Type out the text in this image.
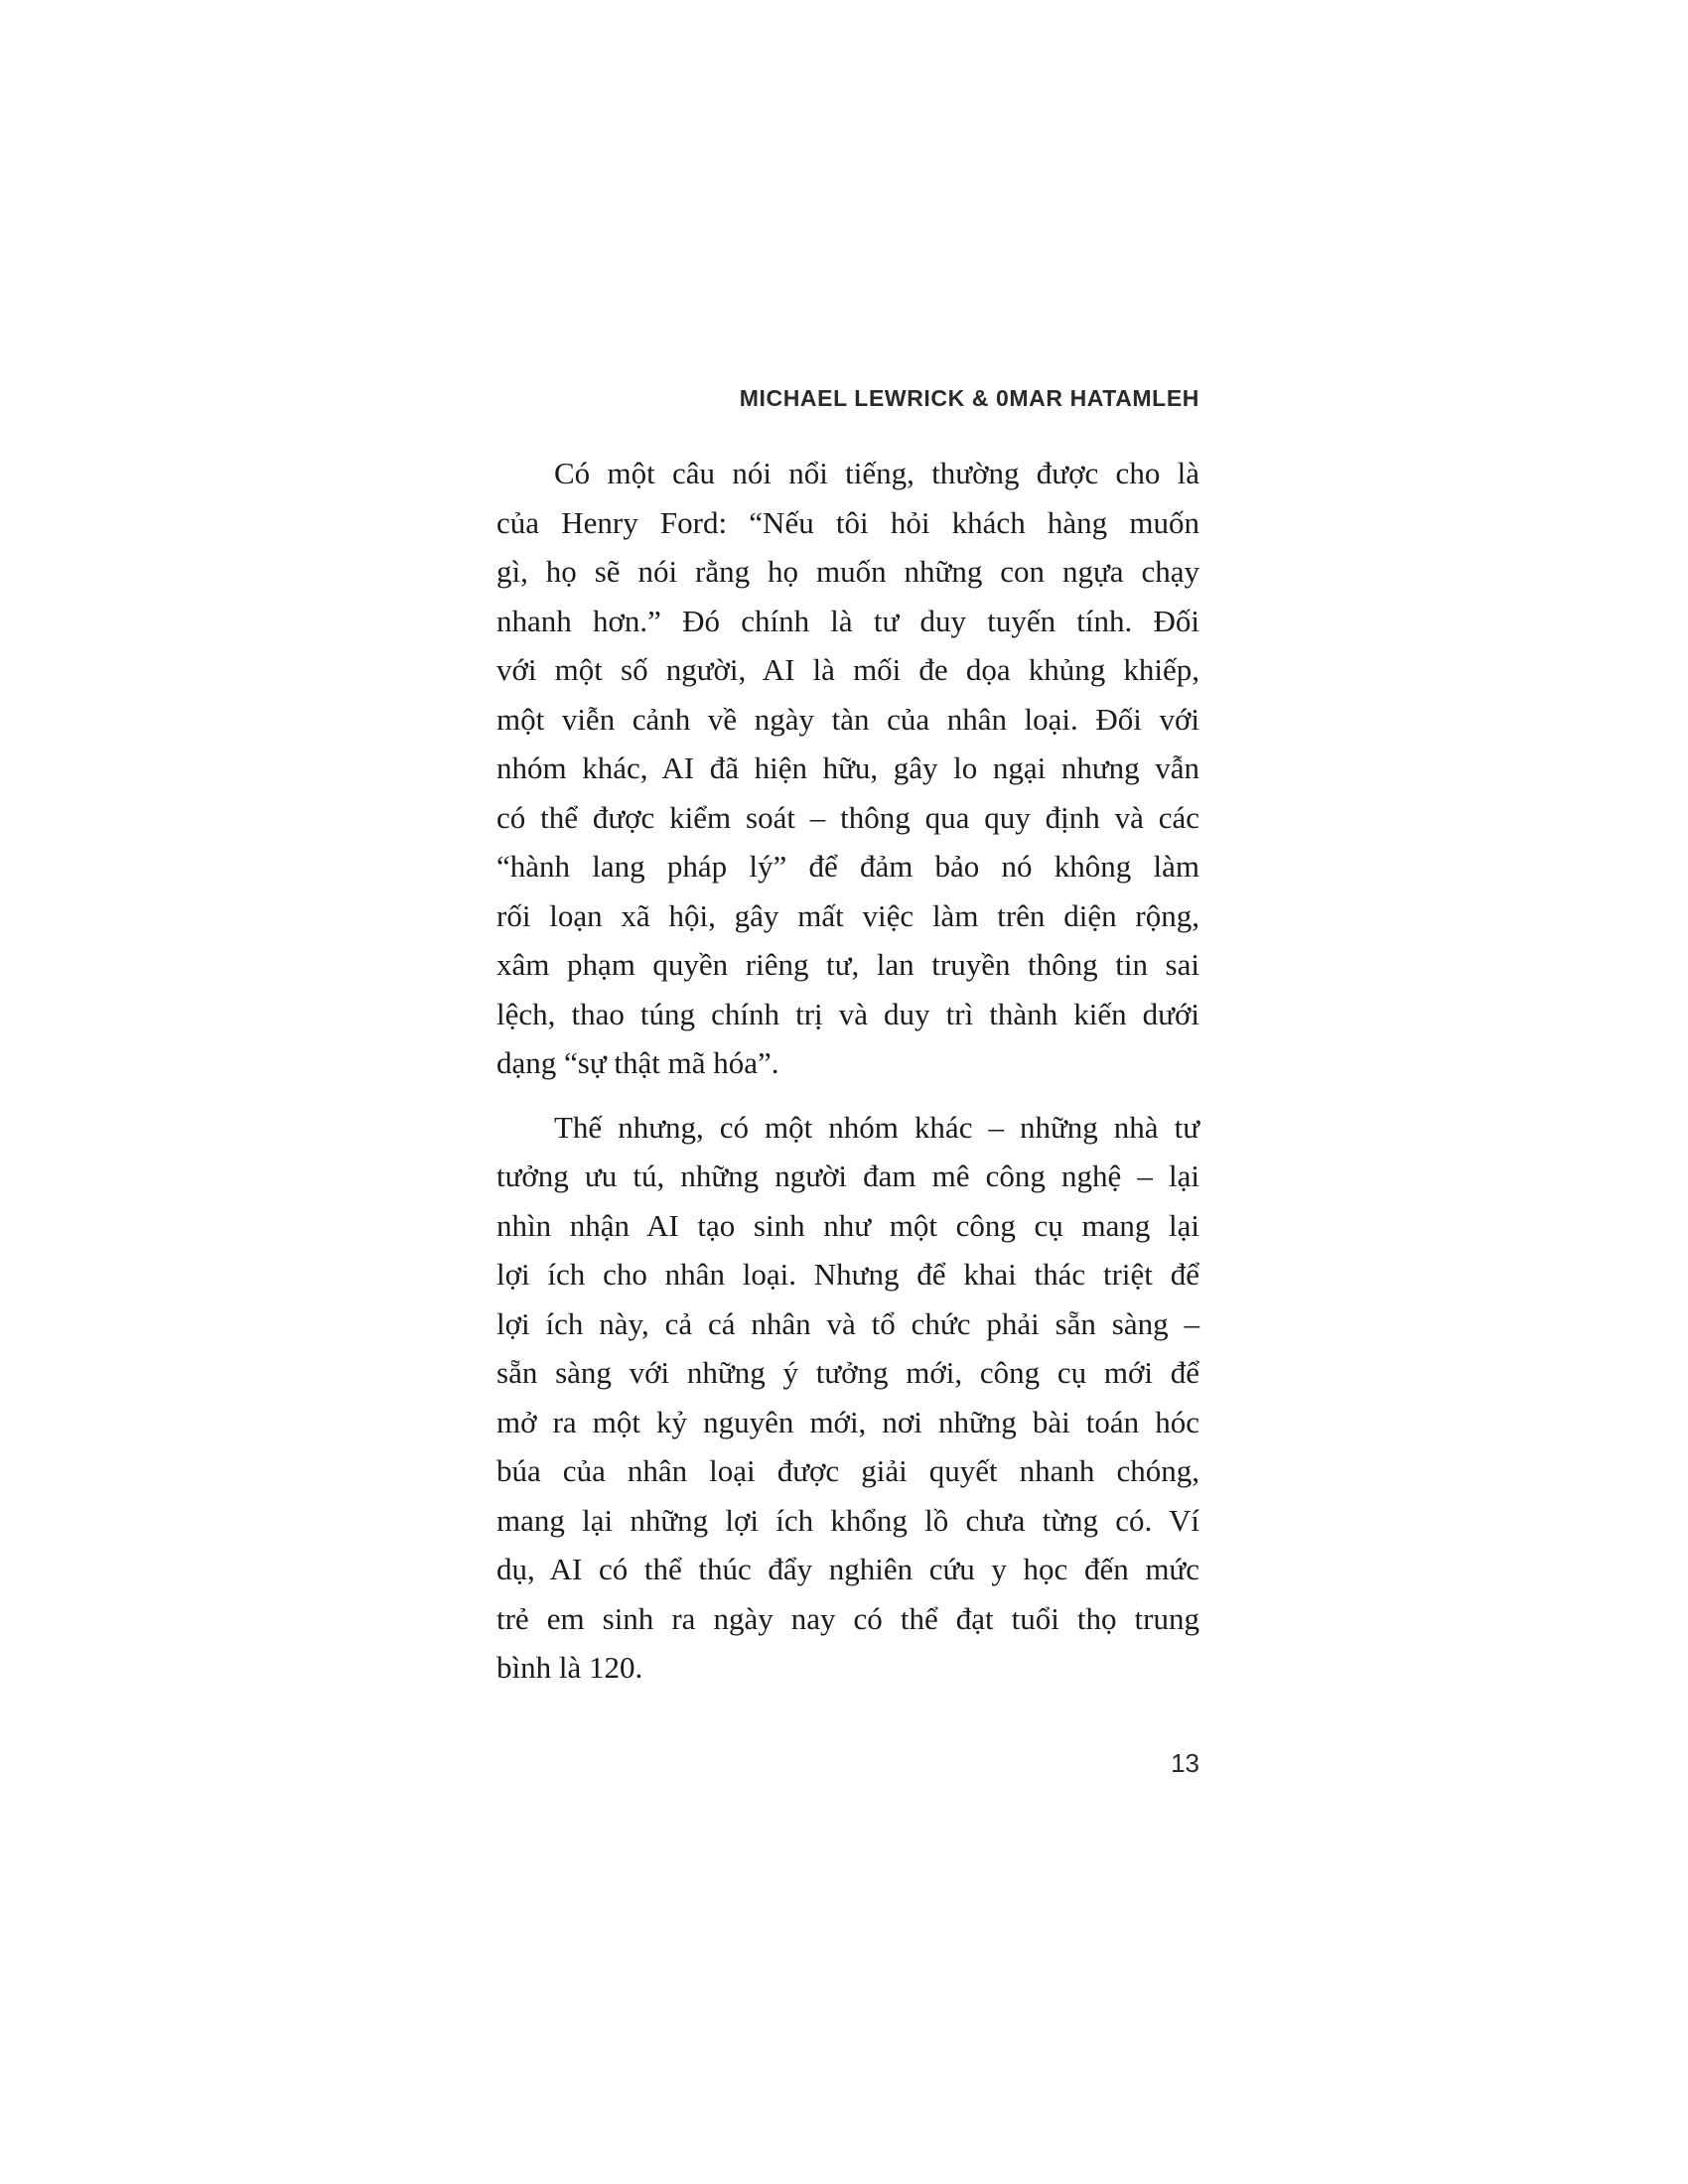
MICHAEL LEWRICK & 0MAR HATAMLEH
Có một câu nói nổi tiếng, thường được cho là
của Henry Ford: “Nếu tôi hỏi khách hàng muốn
gì, họ sẽ nói rằng họ muốn những con ngựa chạy
nhanh hơn.” Đó chính là tư duy tuyến tính. Đối
với một số người, AI là mối đe dọa khủng khiếp,
một viễn cảnh về ngày tàn của nhân loại. Đối với
nhóm khác, AI đã hiện hữu, gây lo ngại nhưng vẫn
có thể được kiểm soát – thông qua quy định và các
“hành lang pháp lý” để đảm bảo nó không làm
rối loạn xã hội, gây mất việc làm trên diện rộng,
xâm phạm quyền riêng tư, lan truyền thông tin sai
lệch, thao túng chính trị và duy trì thành kiến dưới
dạng “sự thật mã hóa”.
Thế nhưng, có một nhóm khác – những nhà tư
tưởng ưu tú, những người đam mê công nghệ – lại
nhìn nhận AI tạo sinh như một công cụ mang lại
lợi ích cho nhân loại. Nhưng để khai thác triệt để
lợi ích này, cả cá nhân và tổ chức phải sẵn sàng –
sẵn sàng với những ý tưởng mới, công cụ mới để
mở ra một kỷ nguyên mới, nơi những bài toán hóc
búa của nhân loại được giải quyết nhanh chóng,
mang lại những lợi ích khổng lồ chưa từng có. Ví
dụ, AI có thể thúc đẩy nghiên cứu y học đến mức
trẻ em sinh ra ngày nay có thể đạt tuổi thọ trung
bình là 120.
13
